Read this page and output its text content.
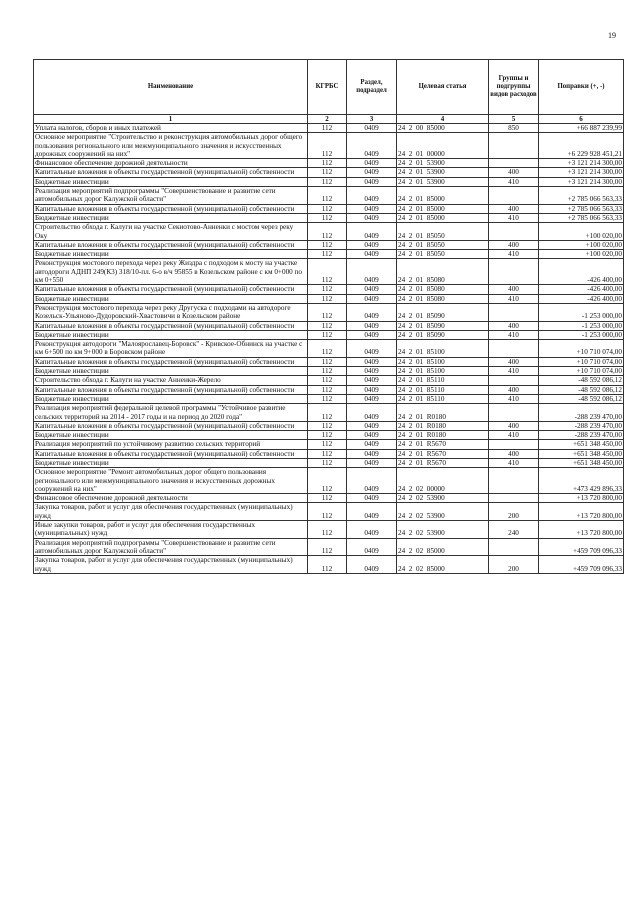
19
Наименование	КГРБС	Раздел, подраздел	Целевая статья	Группы и подгруппы видов расходов	Поправки (+, -)
1	2	3	4	5	6
Уплата налогов, сборов и иных платежей	112	0409	24  2  00  85000	850	+66 887 239,99
Основное мероприятие "Строительство и реконструкция автомобильных дорог общего пользования регионального или межмуниципального значения и искусственных дорожных сооружений на них"	112	0409	24  2  01  00000		+6 229 928 451,21
Финансовое обеспечение дорожной деятельности	112	0409	24  2  01  53900		+3 121 214 300,00
Капитальные вложения в объекты государственной (муниципальной) собственности	112	0409	24  2  01  53900	400	+3 121 214 300,00
Бюджетные инвестиции	112	0409	24  2  01  53900	410	+3 121 214 300,00
Реализация мероприятий подпрограммы "Совершенствование и развитие сети автомобильных дорог Калужской области"	112	0409	24  2  01  85000		+2 785 066 563,33
Капитальные вложения в объекты государственной (муниципальной) собственности	112	0409	24  2  01  85000	400	+2 785 066 563,33
Бюджетные инвестиции	112	0409	24  2  01  85000	410	+2 785 066 563,33
Строительство обхода г. Калуги на участке Секиотово-Анненки с мостом через реку Оку	112	0409	24  2  01  85050		+100 020,00
Капитальные вложения в объекты государственной (муниципальной) собственности	112	0409	24  2  01  85050	400	+100 020,00
Бюджетные инвестиции	112	0409	24  2  01  85050	410	+100 020,00
Реконструкция мостового перехода через реку Жиздра с подходом к мосту на участке автодороги АДНП 249(К3) 318/10-пл. 6-о в/ч 95855 в Козельском районе с км 0+000 по км 0+550	112	0409	24  2  01  85080		-426 400,00
Капитальные вложения в объекты государственной (муниципальной) собственности	112	0409	24  2  01  85080	400	-426 400,00
Бюджетные инвестиции	112	0409	24  2  01  85080	410	-426 400,00
Реконструкция мостового перехода через реку Другуска с подходами на автодороге Козельск-Ульяново-Дудоровский-Хвастовичи в Козельском районе	112	0409	24  2  01  85090		-1 253 000,00
Капитальные вложения в объекты государственной (муниципальной) собственности	112	0409	24  2  01  85090	400	-1 253 000,00
Бюджетные инвестиции	112	0409	24  2  01  85090	410	-1 253 000,00
Реконструкция автодороги "Малоярославец-Боровск" - Кривское-Обнинск на участке с км 6+500 по км 9+000 в Боровском районе	112	0409	24  2  01  85100		+10 710 074,00
Капитальные вложения в объекты государственной (муниципальной) собственности	112	0409	24  2  01  85100	400	+10 710 074,00
Бюджетные инвестиции	112	0409	24  2  01  85100	410	+10 710 074,00
Строительство обхода г. Калуги на участке Анненки-Жерело	112	0409	24  2  01  85110		-48 592 086,12
Капитальные вложения в объекты государственной (муниципальной) собственности	112	0409	24  2  01  85110	400	-48 592 086,12
Бюджетные инвестиции	112	0409	24  2  01  85110	410	-48 592 086,12
Реализация мероприятий федеральной целевой программы "Устойчивое развитие сельских территорий на 2014 - 2017 годы и на период до 2020 года"	112	0409	24  2  01  R0180		-288 239 470,00
Капитальные вложения в объекты государственной (муниципальной) собственности	112	0409	24  2  01  R0180	400	-288 239 470,00
Бюджетные инвестиции	112	0409	24  2  01  R0180	410	-288 239 470,00
Реализация мероприятий по устойчивому развитию сельских территорий	112	0409	24  2  01  R5670		+651 348 450,00
Капитальные вложения в объекты государственной (муниципальной) собственности	112	0409	24  2  01  R5670	400	+651 348 450,00
Бюджетные инвестиции	112	0409	24  2  01  R5670	410	+651 348 450,00
Основное мероприятие "Ремонт автомобильных дорог общего пользования регионального или межмуниципального значения и искусственных дорожных сооружений на них"	112	0409	24  2  02  00000		+473 429 896,33
Финансовое обеспечение дорожной деятельности	112	0409	24  2  02  53900		+13 720 800,00
Закупка товаров, работ и услуг для обеспечения государственных (муниципальных) нужд	112	0409	24  2  02  53900	200	+13 720 800,00
Иные закупки товаров, работ и услуг для обеспечения государственных (муниципальных) нужд	112	0409	24  2  02  53900	240	+13 720 800,00
Реализация мероприятий подпрограммы "Совершенствование и развитие сети автомобильных дорог Калужской области"	112	0409	24  2  02  85000		+459 709 096,33
Закупка товаров, работ и услуг для обеспечения государственных (муниципальных) нужд	112	0409	24  2  02  85000	200	+459 709 096,33
